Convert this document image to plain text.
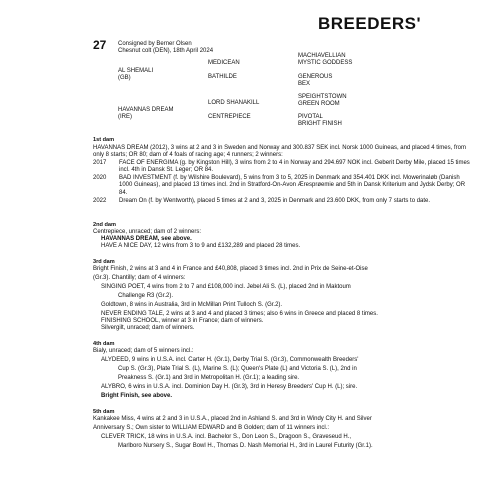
BREEDERS'
27 Consigned by Berner Olsen
Chesnut colt (DEN), 18th April 2024
AL SHEMALI
(GB)
MEDICEAN
BATHILDE
MACHIAVELLIAN
MYSTIC GODDESS
GENEROUS
BEX
HAVANNAS DREAM
(IRE)
LORD SHANAKILL
CENTREPIECE
SPEIGHTSTOWN
GREEN ROOM
PIVOTAL
BRIGHT FINISH
1st dam
HAVANNAS DREAM (2012), 3 wins at 2 and 3 in Sweden and Norway and 300.837 SEK incl. Norsk 1000 Guineas, and placed 4 times, from only 8 starts; OR 80; dam of 4 foals of racing age; 4 runners; 2 winners:
2017 FACE OF ENERGIMA (g. by Kingston Hill), 3 wins from 2 to 4 in Norway and 294.697 NOK incl. Geberit Derby Mile, placed 15 times incl. 4th in Dansk St. Leger; OR 84.
2020 BAD INVESTMENT (f. by Wilshire Boulevard), 5 wins from 3 to 5, 2025 in Denmark and 354.401 DKK incl. Mowerinaløb (Danish 1000 Guineas), and placed 13 times incl. 2nd in Stratford-On-Avon Æresprøemie and 5th in Dansk Kriterium and Jydsk Derby; OR 84.
2022 Dream On (f. by Wentworth), placed 5 times at 2 and 3, 2025 in Denmark and 23.600 DKK, from only 7 starts to date.
2nd dam
Centrepiece, unraced; dam of 2 winners:
HAVANNAS DREAM, see above.
HAVE A NICE DAY, 12 wins from 3 to 9 and £132,289 and placed 28 times.
3rd dam
Bright Finish, 2 wins at 3 and 4 in France and £40,808, placed 3 times incl. 2nd in Prix de Seine-et-Oise
(Gr.3). Chantilly; dam of 4 winners:
SINGING POET, 4 wins from 2 to 7 and £108,000 incl. Jebel Ali S. (L), placed 2nd in Maktoum
Challenge R3 (Gr.2).
Goldtown, 8 wins in Australia, 3rd in McMillan Print Tulloch S. (Gr.2).
NEVER ENDING TALE, 2 wins at 3 and 4 and placed 3 times; also 6 wins in Greece and placed 8 times.
FINISHING SCHOOL, winner at 3 in France; dam of winners.
Silvergilt, unraced; dam of winners.
4th dam
Bialy, unraced; dam of 5 winners incl.:
ALYDEED, 9 wins in U.S.A. incl. Carter H. (Gr.1), Derby Trial S. (Gr.3), Commonwealth Breeders'
Cup S. (Gr.3), Plate Trial S. (L), Marine S. (L); Queen's Plate (L) and Victoria S. (L), 2nd in
Preakness S. (Gr.1) and 3rd in Metropolitan H. (Gr.1); a leading sire.
ALYBRO, 6 wins in U.S.A. incl. Dominion Day H. (Gr.3), 3rd in Heresy Breeders' Cup H. (L); sire.
Bright Finish, see above.
5th dam
Kankakee Miss, 4 wins at 2 and 3 in U.S.A., placed 2nd in Ashland S. and 3rd in Windy City H. and Silver
Anniversary S.; Own sister to WILLIAM EDWARD and B Golden; dam of 11 winners incl.:
CLEVER TRICK, 18 wins in U.S.A. incl. Bachelor S., Don Leon S., Dragoon S., Graveseud H.,
Marlboro Nursery S., Sugar Bowl H., Thomas D. Nash Memorial H., 3rd in Laurel Futurity (Gr.1).
